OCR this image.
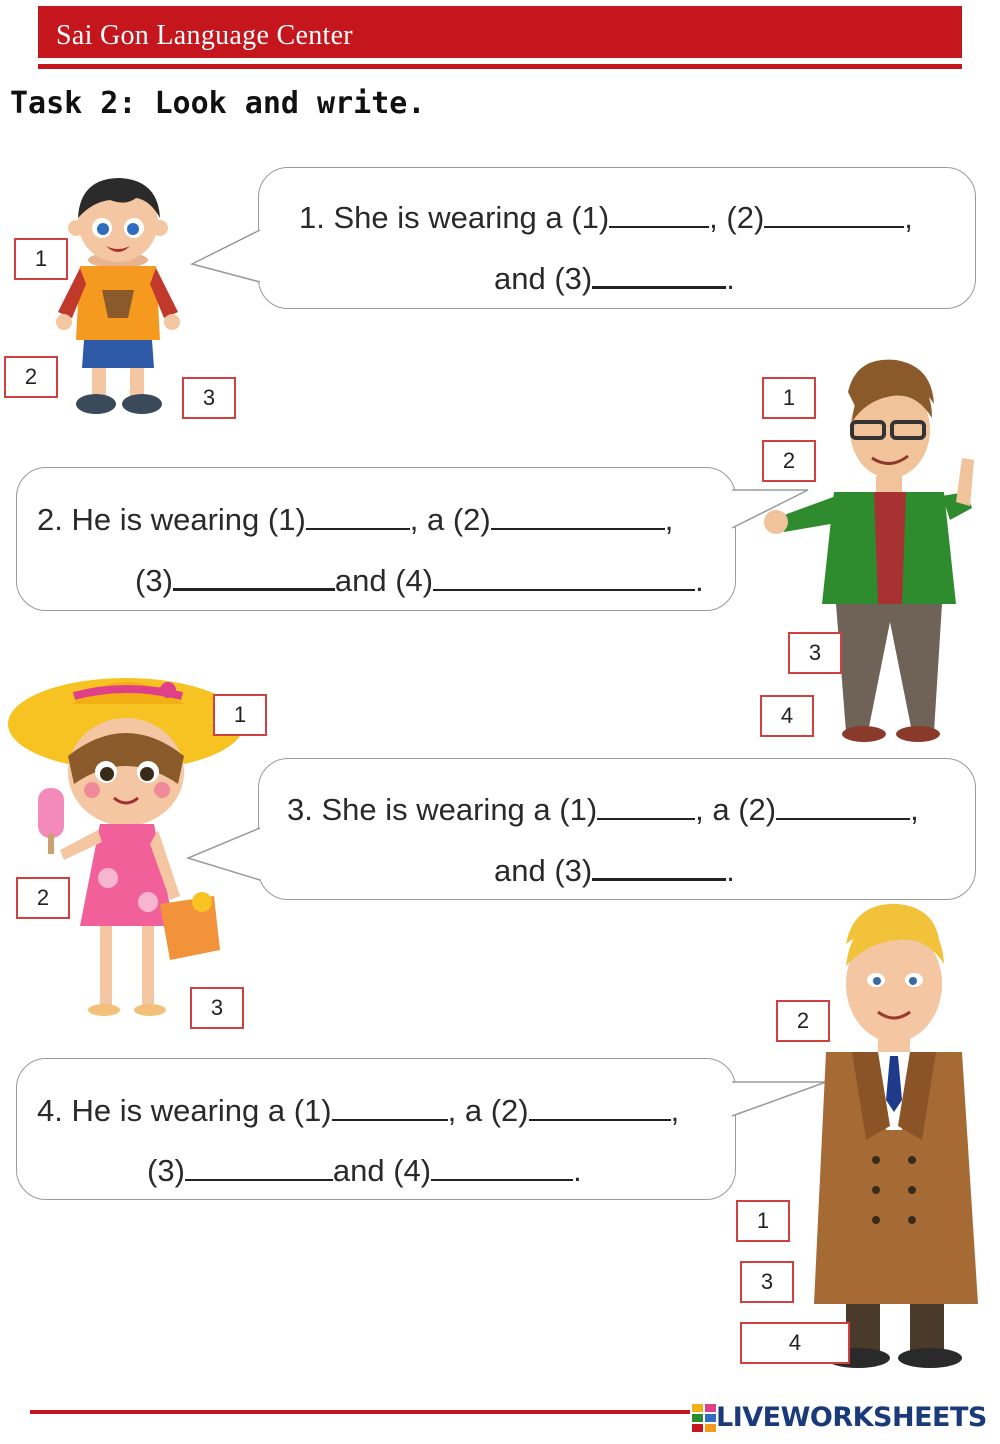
Sai Gon Language Center
Task 2: Look and write.
1. She is wearing a (1)	, (2)	,
and (3)	.
2. He is wearing (1)	, a (2)	,
(3)	and (4)	.
3. She is wearing a (1)	, a (2)	,
and (3)	.
4. He is wearing a (1)	, a (2)	,
(3)	and (4)	.
1
2
3	1
2
3
4
1
2
3
2
1
3
4
LIVEWORKSHEETS
